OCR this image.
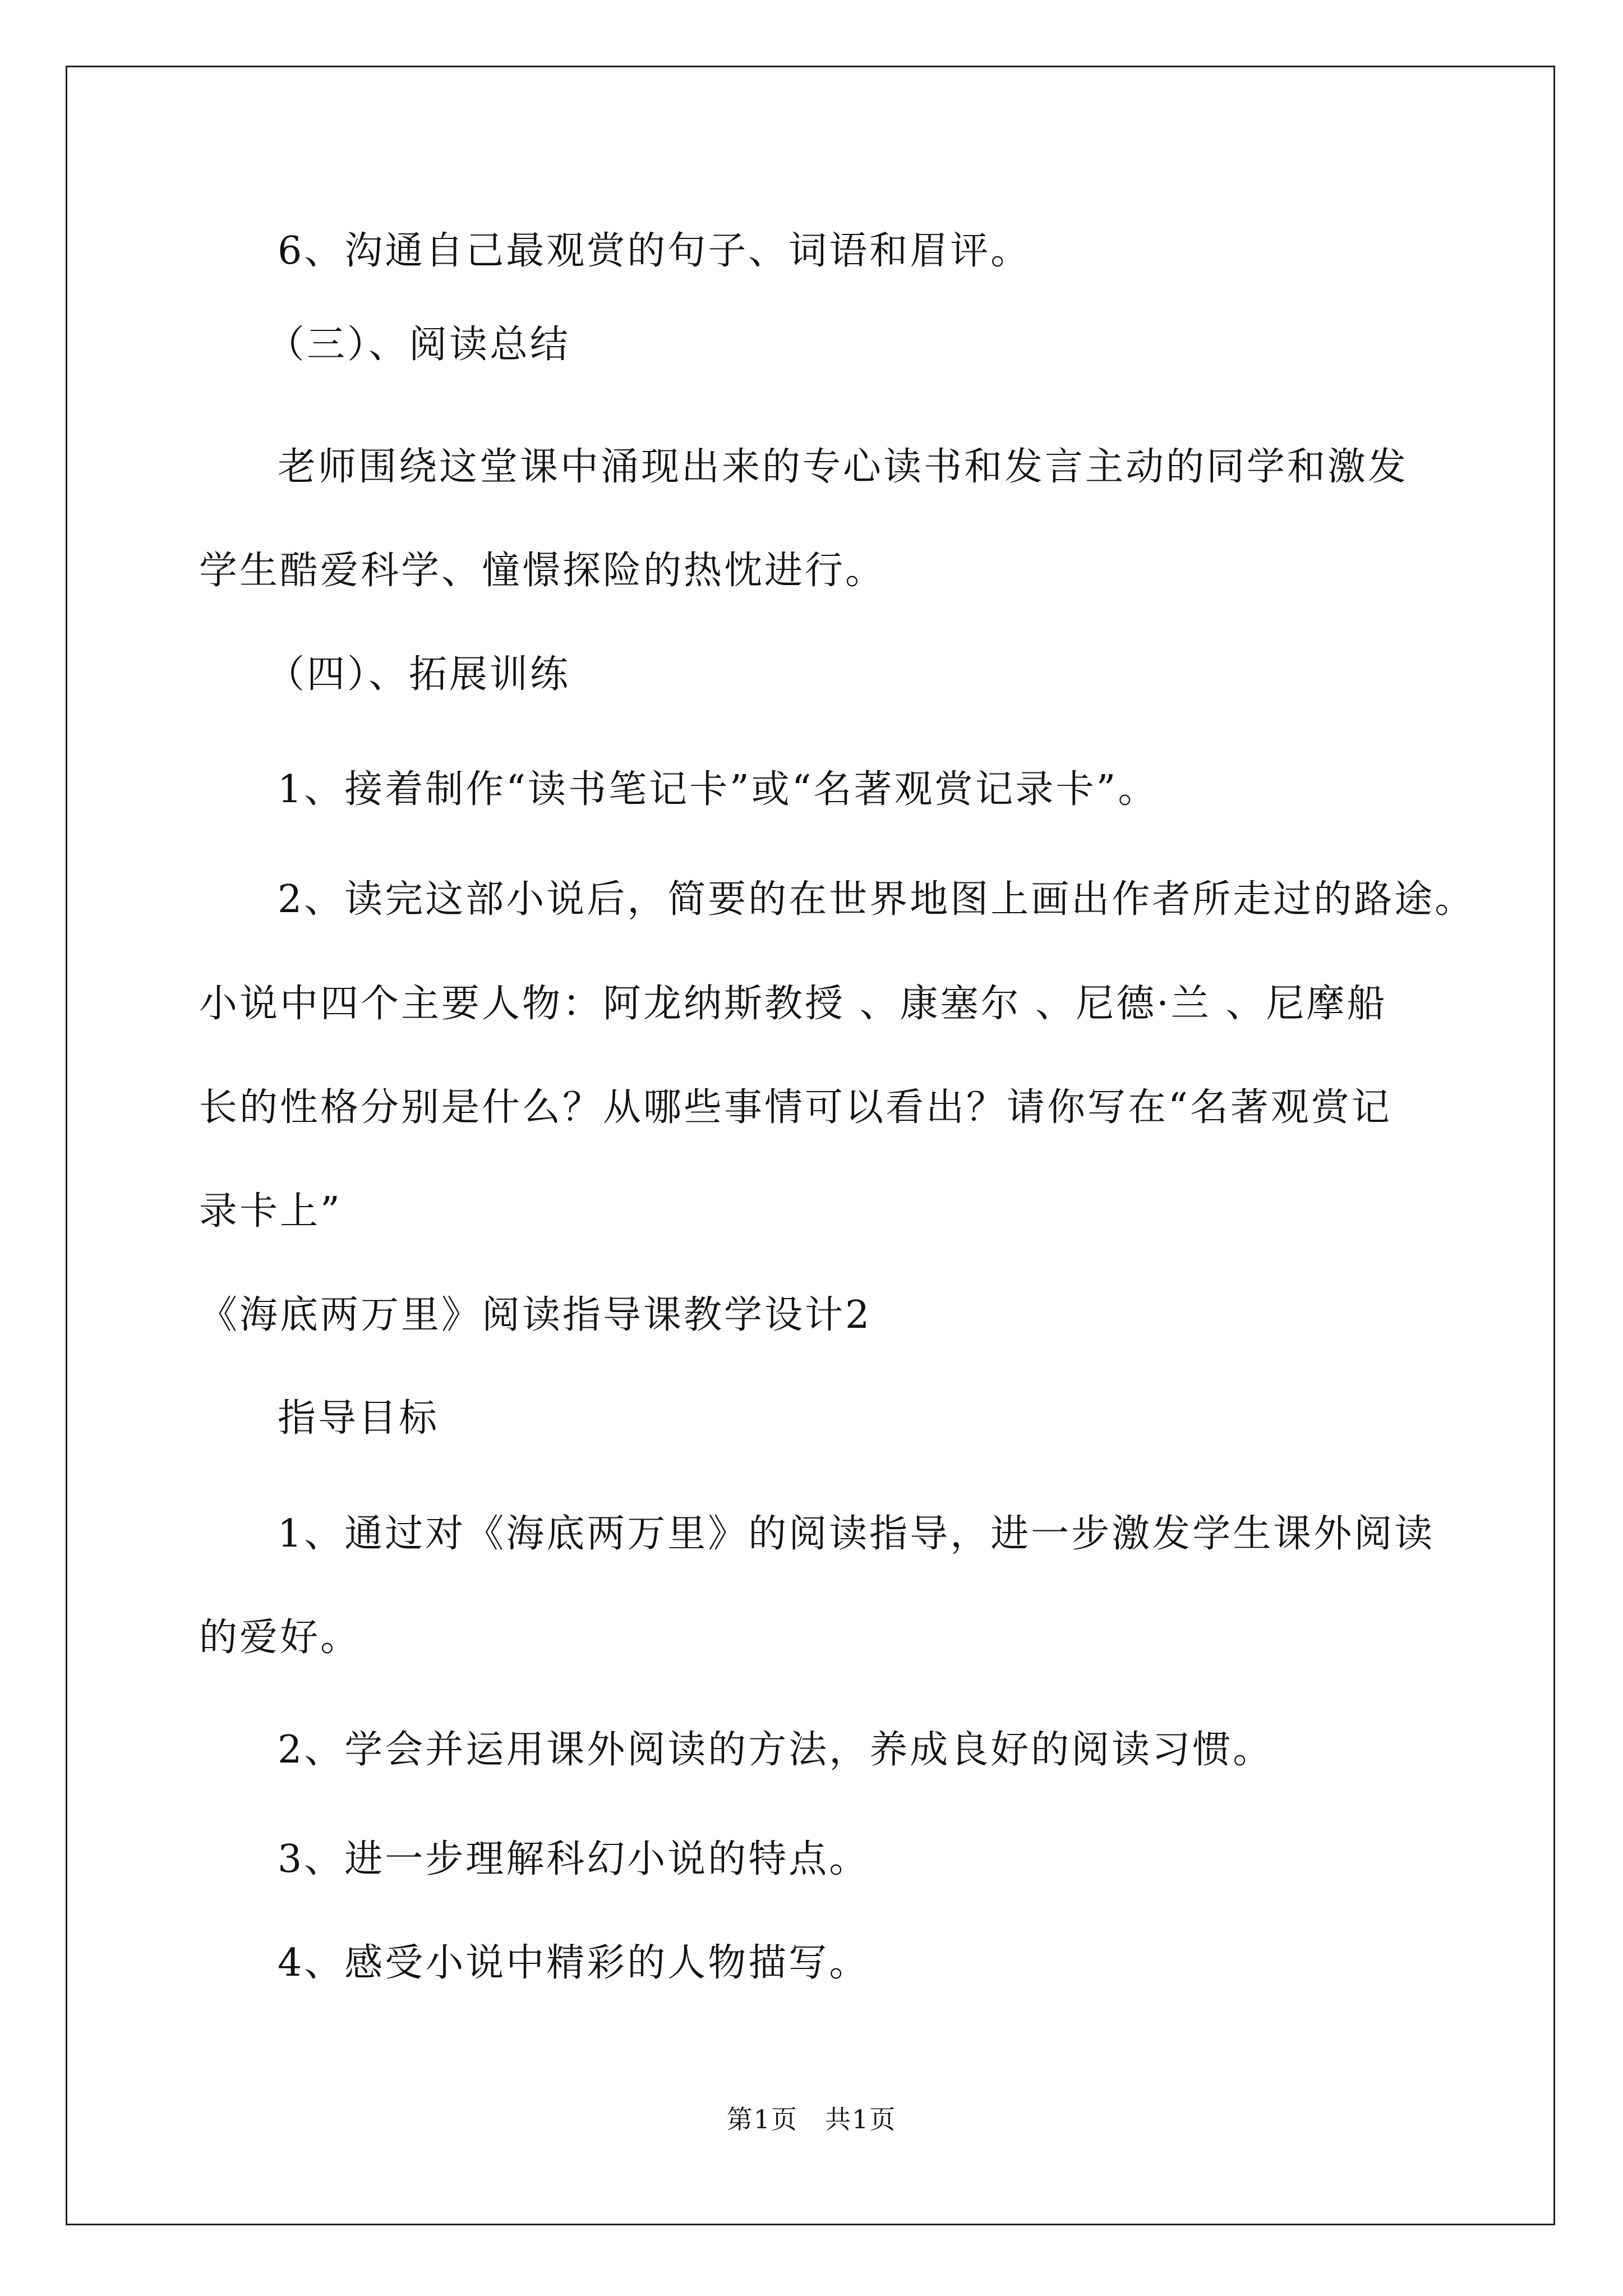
6、沟通自己最观赏的句子、词语和眉评。
（三）、阅读总结
老师围绕这堂课中涌现出来的专心读书和发言主动的同学和激发
学生酷爱科学、憧憬探险的热忱进行。
（四）、拓展训练
1、接着制作“读书笔记卡”或“名著观赏记录卡”。
2、读完这部小说后，简要的在世界地图上画出作者所走过的路途。
小说中四个主要人物：阿龙纳斯教授 、康塞尔 、尼德·兰 、尼摩船
长的性格分别是什么？从哪些事情可以看出？请你写在“名著观赏记
录卡上”
《海底两万里》阅读指导课教学设计2
指导目标
1、通过对《海底两万里》的阅读指导，进一步激发学生课外阅读
的爱好。
2、学会并运用课外阅读的方法，养成良好的阅读习惯。
3、进一步理解科幻小说的特点。
4、感受小说中精彩的人物描写。
第1页　共1页
